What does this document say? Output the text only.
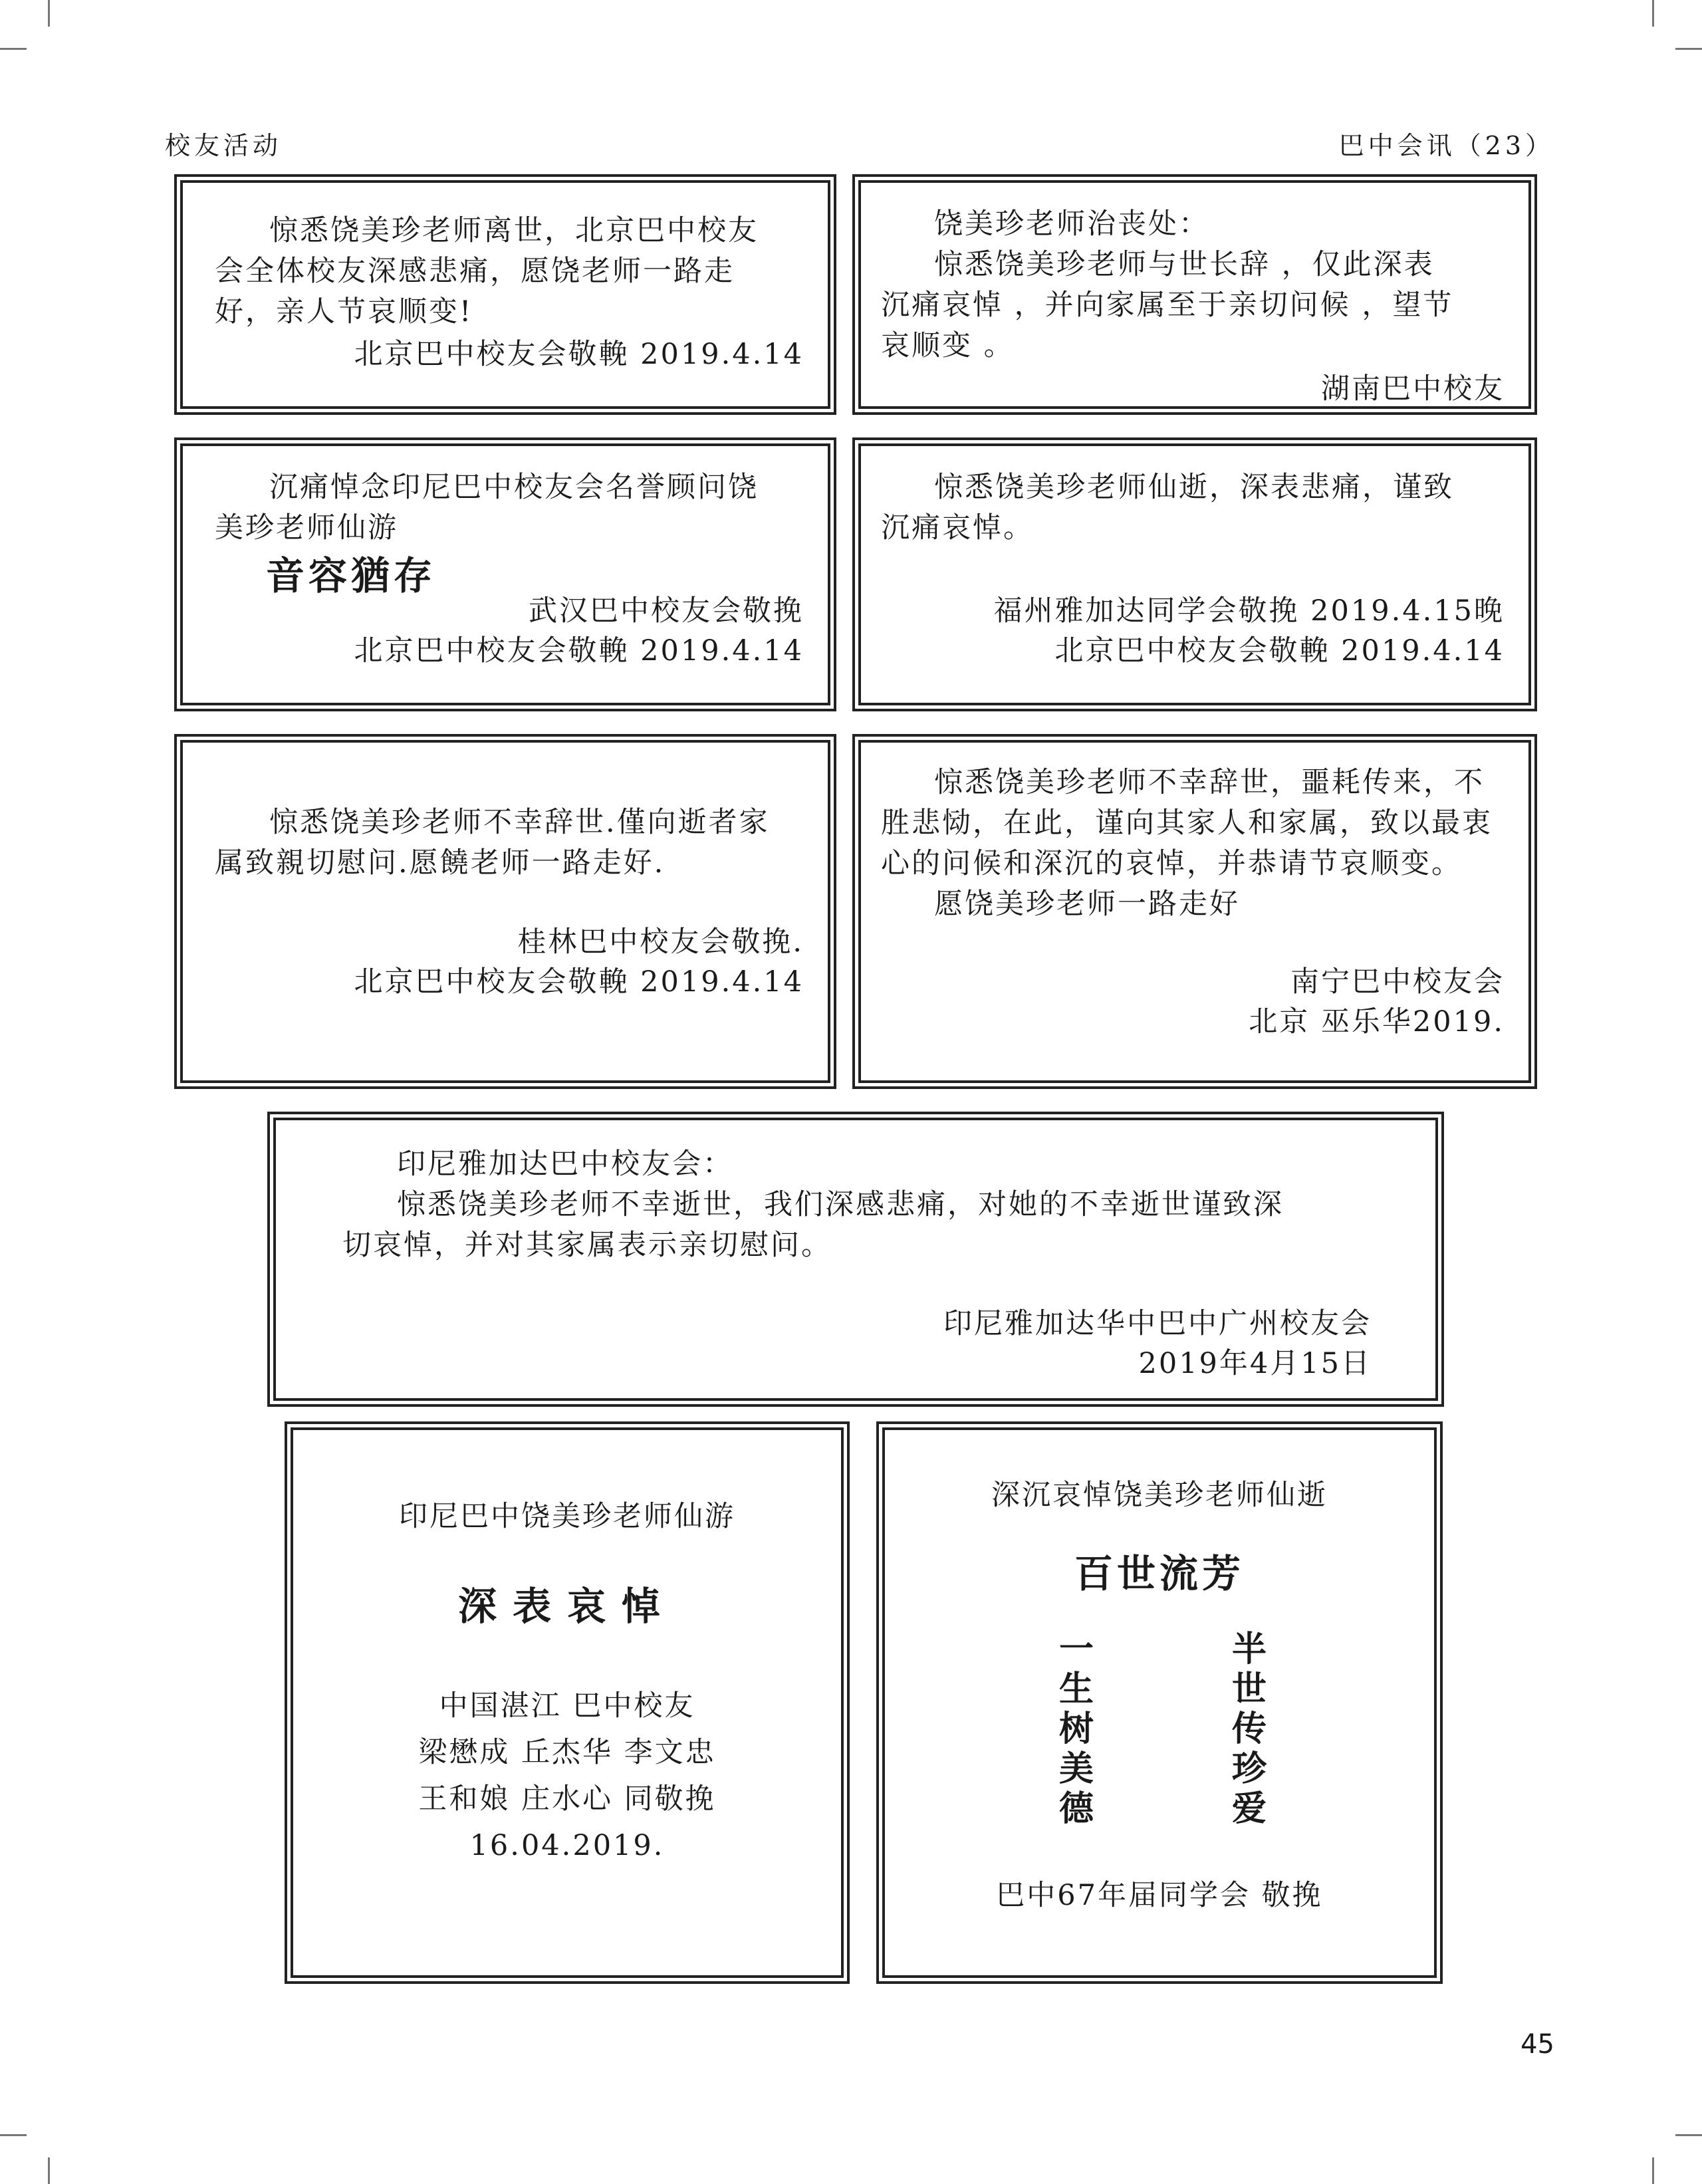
校友活动	巴中会讯（23）

惊悉饶美珍老师离世，北京巴中校友

会全体校友深感悲痛，愿饶老师一路走

好，亲人节哀顺变!

北京巴中校友会敬輓 2019.4.14

饶美珍老师治丧处：

惊悉饶美珍老师与世长辞 ，仅此深表

沉痛哀悼 ，并向家属至于亲切问候 ，望节

哀顺变 。

湖南巴中校友

沉痛悼念印尼巴中校友会名誉顾问饶

美珍老师仙游

音容猶存

武汉巴中校友会敬挽

北京巴中校友会敬輓 2019.4.14

惊悉饶美珍老师仙逝，深表悲痛，谨致

沉痛哀悼。

福州雅加达同学会敬挽 2019.4.15晚

北京巴中校友会敬輓 2019.4.14

惊悉饶美珍老师不幸辞世.僅向逝者家

属致親切慰问.愿饒老师一路走好.

桂林巴中校友会敬挽.

北京巴中校友会敬輓 2019.4.14

惊悉饶美珍老师不幸辞世，噩耗传来，不

胜悲恸，在此，谨向其家人和家属，致以最衷

心的问候和深沉的哀悼，并恭请节哀顺变。

愿饶美珍老师一路走好

南宁巴中校友会

北京 巫乐华2019.

印尼雅加达巴中校友会：

惊悉饶美珍老师不幸逝世，我们深感悲痛，对她的不幸逝世谨致深

切哀悼，并对其家属表示亲切慰问。

印尼雅加达华中巴中广州校友会

2019年4月15日

印尼巴中饶美珍老师仙游

深表哀悼

中国湛江 巴中校友

梁懋成 丘杰华 李文忠

王和娘 庄水心 同敬挽

16.04.2019.

深沉哀悼饶美珍老师仙逝

百世流芳

一
生
树
美
德
半
世
传
珍
爱

巴中67年届同学会 敬挽

45
